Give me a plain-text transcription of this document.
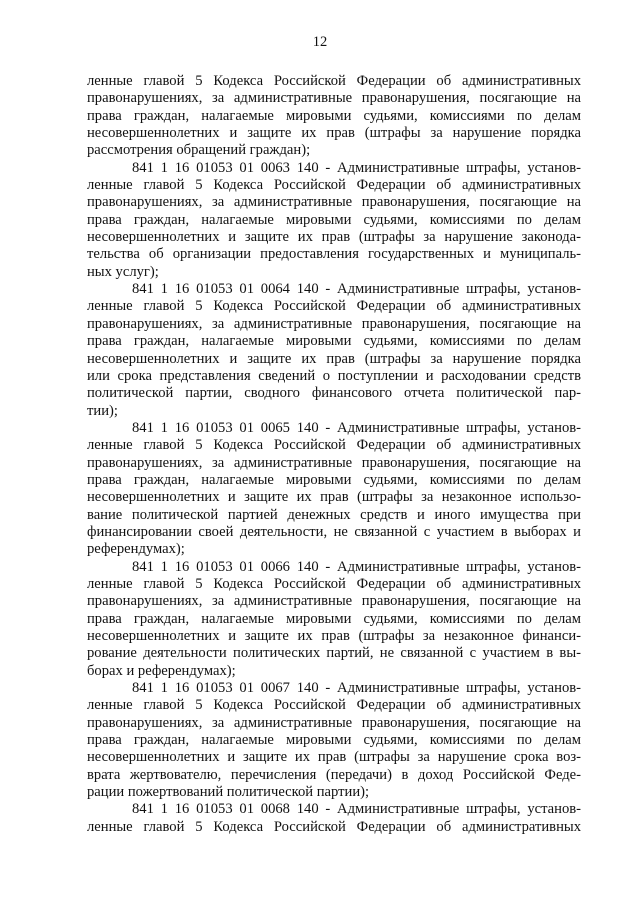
12
ленные главой 5 Кодекса Российской Федерации об административных
правонарушениях, за административные правонарушения, посягающие на
права граждан, налагаемые мировыми судьями, комиссиями по делам
несовершеннолетних и защите их прав (штрафы за нарушение порядка
рассмотрения обращений граждан);
841 1 16 01053 01 0063 140 - Административные штрафы, установ-
ленные главой 5 Кодекса Российской Федерации об административных
правонарушениях, за административные правонарушения, посягающие на
права граждан, налагаемые мировыми судьями, комиссиями по делам
несовершеннолетних и защите их прав (штрафы за нарушение законода-
тельства об организации предоставления государственных и муниципаль-
ных услуг);
841 1 16 01053 01 0064 140 - Административные штрафы, установ-
ленные главой 5 Кодекса Российской Федерации об административных
правонарушениях, за административные правонарушения, посягающие на
права граждан, налагаемые мировыми судьями, комиссиями по делам
несовершеннолетних и защите их прав (штрафы за нарушение порядка
или срока представления сведений о поступлении и расходовании средств
политической партии, сводного финансового отчета политической пар-
тии);
841 1 16 01053 01 0065 140 - Административные штрафы, установ-
ленные главой 5 Кодекса Российской Федерации об административных
правонарушениях, за административные правонарушения, посягающие на
права граждан, налагаемые мировыми судьями, комиссиями по делам
несовершеннолетних и защите их прав (штрафы за незаконное использо-
вание политической партией денежных средств и иного имущества при
финансировании своей деятельности, не связанной с участием в выборах и
референдумах);
841 1 16 01053 01 0066 140 - Административные штрафы, установ-
ленные главой 5 Кодекса Российской Федерации об административных
правонарушениях, за административные правонарушения, посягающие на
права граждан, налагаемые мировыми судьями, комиссиями по делам
несовершеннолетних и защите их прав (штрафы за незаконное финанси-
рование деятельности политических партий, не связанной с участием в вы-
борах и референдумах);
841 1 16 01053 01 0067 140 - Административные штрафы, установ-
ленные главой 5 Кодекса Российской Федерации об административных
правонарушениях, за административные правонарушения, посягающие на
права граждан, налагаемые мировыми судьями, комиссиями по делам
несовершеннолетних и защите их прав (штрафы за нарушение срока воз-
врата жертвователю, перечисления (передачи) в доход Российской Феде-
рации пожертвований политической партии);
841 1 16 01053 01 0068 140 - Административные штрафы, установ-
ленные главой 5 Кодекса Российской Федерации об административных
